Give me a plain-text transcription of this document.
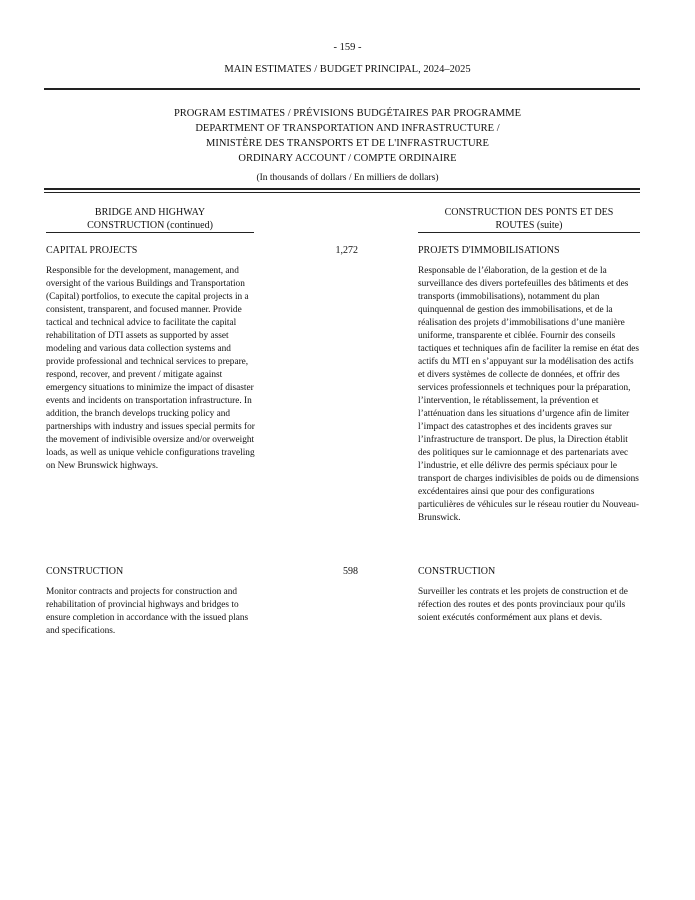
- 159 -
MAIN ESTIMATES / BUDGET PRINCIPAL, 2024–2025
PROGRAM ESTIMATES / PRÉVISIONS BUDGÉTAIRES PAR PROGRAMME
DEPARTMENT OF TRANSPORTATION AND INFRASTRUCTURE /
MINISTÈRE DES TRANSPORTS ET DE L'INFRASTRUCTURE
ORDINARY ACCOUNT / COMPTE ORDINAIRE
(In thousands of dollars / En milliers de dollars)
BRIDGE AND HIGHWAY
CONSTRUCTION (continued)
CONSTRUCTION DES PONTS ET DES
ROUTES (suite)
CAPITAL PROJECTS	1,272	PROJETS D'IMMOBILISATIONS
Responsible for the development, management, and oversight of the various Buildings and Transportation (Capital) portfolios, to execute the capital projects in a consistent, transparent, and focused manner. Provide tactical and technical advice to facilitate the capital rehabilitation of DTI assets as supported by asset modeling and various data collection systems and provide professional and technical services to prepare, respond, recover, and prevent / mitigate against emergency situations to minimize the impact of disaster events and incidents on transportation infrastructure. In addition, the branch develops trucking policy and partnerships with industry and issues special permits for the movement of indivisible oversize and/or overweight loads, as well as unique vehicle configurations traveling on New Brunswick highways.
Responsable de l’élaboration, de la gestion et de la surveillance des divers portefeuilles des bâtiments et des transports (immobilisations), notamment du plan quinquennal de gestion des immobilisations, et de la réalisation des projets d’immobilisations d’une manière uniforme, transparente et ciblée. Fournir des conseils tactiques et techniques afin de faciliter la remise en état des actifs du MTI en s’appuyant sur la modélisation des actifs et divers systèmes de collecte de données, et offrir des services professionnels et techniques pour la préparation, l’intervention, le rétablissement, la prévention et l’atténuation dans les situations d’urgence afin de limiter l’impact des catastrophes et des incidents graves sur l’infrastructure de transport. De plus, la Direction établit des politiques sur le camionnage et des partenariats avec l’industrie, et elle délivre des permis spéciaux pour le transport de charges indivisibles de poids ou de dimensions excédentaires ainsi que pour des configurations particulières de véhicules sur le réseau routier du Nouveau-Brunswick.
CONSTRUCTION	598	CONSTRUCTION
Monitor contracts and projects for construction and rehabilitation of provincial highways and bridges to ensure completion in accordance with the issued plans and specifications.
Surveiller les contrats et les projets de construction et de réfection des routes et des ponts provinciaux pour qu'ils soient exécutés conformément aux plans et devis.
